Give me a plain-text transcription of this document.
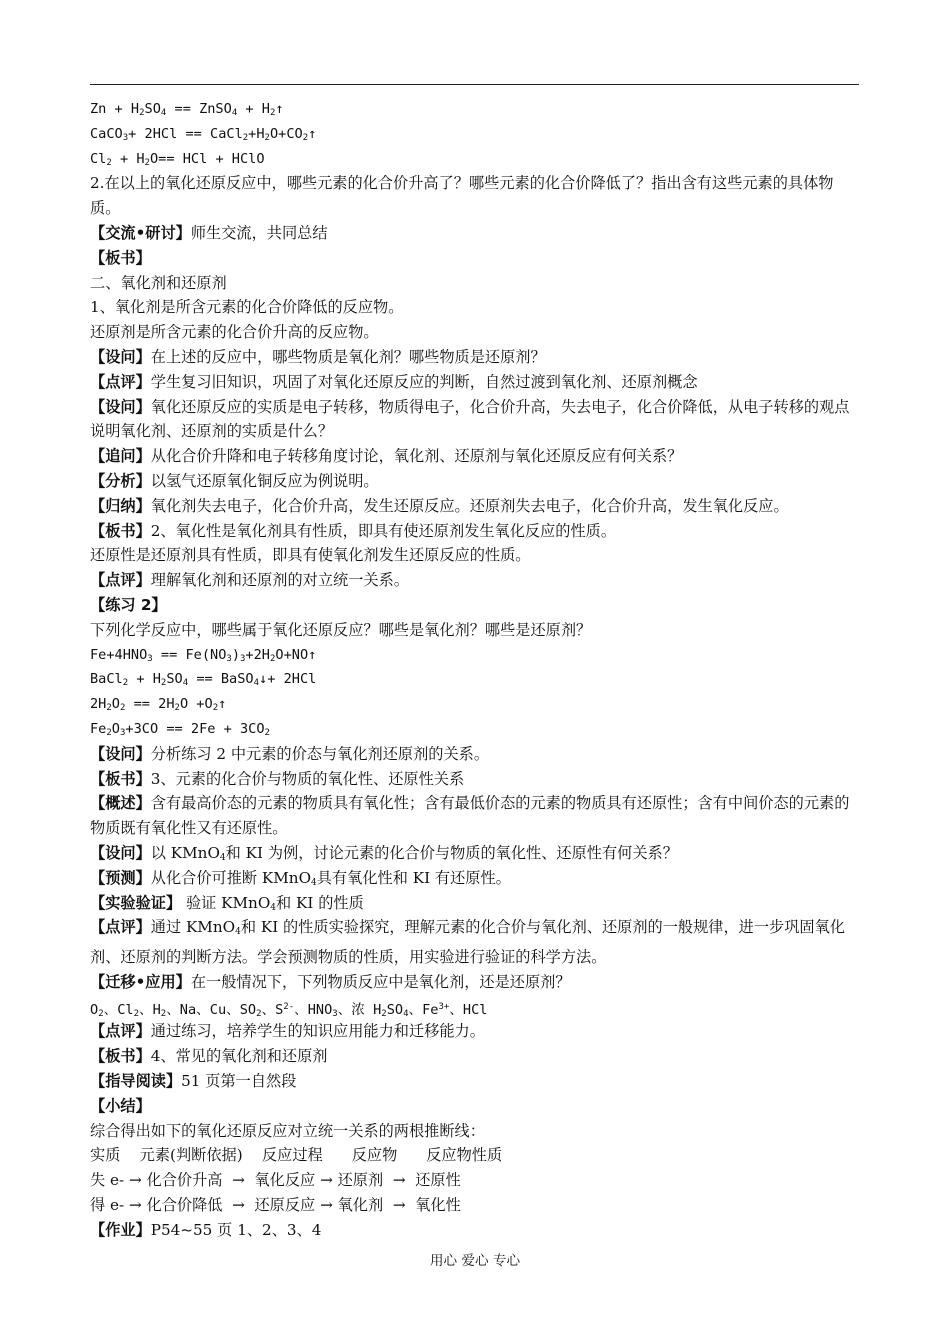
$Zn + H_2SO_4$ == ZnSO$_4$ + $H_2↑$
CaCO$_3$+ $2HCl == CaCl_2+H_2O+CO_2↑$
$Cl_2 + H_2O==$ HCl + HClO
2.在以上的氧化还原反应中，哪些元素的化合价升高了？哪些元素的化合价降低了？指出含有这些元素的具体物质。
【交流•研讨】师生交流，共同总结
【板书】
二、氧化剂和还原剂
1、氧化剂是所含元素的化合价降低的反应物。
还原剂是所含元素的化合价升高的反应物。
【设问】在上述的反应中，哪些物质是氧化剂？哪些物质是还原剂？
【点评】学生复习旧知识，巩固了对氧化还原反应的判断，自然过渡到氧化剂、还原剂概念
【设问】氧化还原反应的实质是电子转移，物质得电子，化合价升高，失去电子，化合价降低，从电子转移的观点说明氧化剂、还原剂的实质是什么？
【追问】从化合价升降和电子转移角度讨论，氧化剂、还原剂与氧化还原反应有何关系？
【分析】以氢气还原氧化铜反应为例说明。
【归纳】氧化剂失去电子，化合价升高，发生还原反应。还原剂失去电子，化合价升高，发生氧化反应。
【板书】2、氧化性是氧化剂具有性质，即具有使还原剂发生氧化反应的性质。
还原性是还原剂具有性质，即具有使氧化剂发生还原反应的性质。
【点评】理解氧化剂和还原剂的对立统一关系。
【练习 2】
下列化学反应中，哪些属于氧化还原反应？哪些是氧化剂？哪些是还原剂？
$Fe+4HNO_3$ == $Fe(NO_3)_3+2H_2O+NO↑$
BaCl$_2$ + $H_2SO_4$ == BaSO$_4$↓+ 2HCl
$2H_2O_2 == 2H_2O$ $+O_2↑$
$Fe_2O_3+3CO == 2Fe + 3CO_2$
【设问】分析练习 2 中元素的价态与氧化剂还原剂的关系。
【板书】3、元素的化合价与物质的氧化性、还原性关系
【概述】含有最高价态的元素的物质具有氧化性；含有最低价态的元素的物质具有还原性；含有中间价态的元素的物质既有氧化性又有还原性。
【设问】以 KMnO$_4$和 KI 为例，讨论元素的化合价与物质的氧化性、还原性有何关系？
【预测】从化合价可推断 KMnO$_4$具有氧化性和 KI 有还原性。
【实验验证】 验证 KMnO$_4$和 KI 的性质
【点评】通过 KMnO$_4$和 KI 的性质实验探究，理解元素的化合价与氧化剂、还原剂的一般规律，进一步巩固氧化剂、还原剂的判断方法。学会预测物质的性质，用实验进行验证的科学方法。
【迁移•应用】在一般情况下，下列物质反应中是氧化剂，还是还原剂？
$O_2$、$Cl_2$、$H_2$、Na、Cu、$SO_2$、$S^{2-}$、$HNO_3$、浓 $H_2SO_4$、$Fe^{3+}$、HCl
【点评】通过练习，培养学生的知识应用能力和迁移能力。
【板书】4、常见的氧化剂和还原剂
【指导阅读】51 页第一自然段
【小结】
综合得出如下的氧化还原反应对立统一关系的两根推断线：
实质    元素(判断依据)    反应过程      反应物      反应物性质
失 e- → 化合价升高  →  氧化反应 → 还原剂  →  还原性
得 e- → 化合价降低  →  还原反应 → 氧化剂  →  氧化性
【作业】P54~55 页 1、2、3、4
用心 爱心 专心
